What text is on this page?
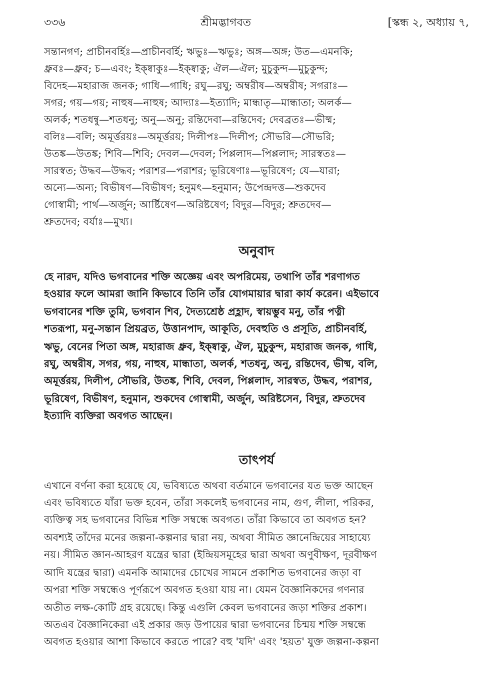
৩৩৬	শ্রীমদ্ভাগবত	[স্কন্ধ ২, অধ্যায় ৭,
সন্তানগণ; প্রাচীনবর্হিঃ—প্রাচীনবর্হি; ঋভুঃ—ঋভুঃ; অঙ্গ—অঙ্গ; উত—এমনকি;
ধ্রুবঃ—ধ্রুব; চ—এবং; ইক্ষ্বাকুঃ—ইক্ষ্বাকু; ঐল—ঐল; মুচুকুন্দ—মুচুকুন্দ;
বিদেহ—মহারাজ জনক; গাধি—গাধি; রঘু—রঘু; অম্বরীষ—অম্বরীষ; সগরাঃ—
সগর; গয়—গয়; নাহুষ—নাহুষ; আদ্যাঃ—ইত্যাদি; মান্ধাতৃ—মান্ধাতা; অলর্ক—
অলর্ক; শতধন্বু—শতধনু; অনু—অনু; রন্তিদেবা—রন্তিদেব; দেবব্রতঃ—ভীষ্ম;
বলিঃ—বলি; অমূর্ত্তরয়ঃ—অমূর্ত্তরয়; দিলীপঃ—দিলীপ; সৌভরি—সৌভরি;
উতঙ্ক—উতঙ্ক; শিবি—শিবি; দেবল—দেবল; পিপ্পলাদ—পিপ্পলাদ; সারস্বতঃ—
সারস্বত; উদ্ধব—উদ্ধব; পরাশর—পরাশর; ভূরিষেণাঃ—ভূরিষেণ; যে—যারা;
অন্যে—অন্য; বিভীষণ—বিভীষণ; হনুমৎ—হনুমান; উপেন্দ্রদত্ত—শুকদেব
গোস্বামী; পার্থ—অর্জুন; আর্ষ্টিষেণ—অরিষ্টষেণ; বিদুর—বিদুর; শ্রুতদেব—
শ্রুতদেব; বর্যাঃ—মুখ্য।
অনুবাদ
হে নারদ, যদিও ভগবানের শক্তি অজ্ঞেয় এবং অপরিমেয়, তথাপি তাঁর শরণাগত
হওয়ার ফলে আমরা জানি কিভাবে তিনি তাঁর যোগমায়ার দ্বারা কার্য করেন। এইভাবে
ভগবানের শক্তি তুমি, ভগবান শিব, দৈত্যশ্রেষ্ঠ প্রহ্লাদ, স্বায়ম্ভুব মনু, তাঁর পত্নী
শতরূপা, মনু-সন্তান প্রিয়ব্রত, উত্তানপাদ, আকূতি, দেবহুতি ও প্রসূতি, প্রাচীনবর্হি,
ঋভু, বেনের পিতা অঙ্গ, মহারাজ ধ্রুব, ইক্ষ্বাকু, ঐল, মুচুকুন্দ, মহারাজ জনক, গাধি,
রঘু, অম্বরীষ, সগর, গয়, নাহুষ, মান্ধাতা, অলর্ক, শতধনু, অনু, রন্তিদেব, ভীষ্ম, বলি,
অমূর্ত্তরয়, দিলীপ, সৌভরি, উতঙ্ক, শিবি, দেবল, পিপ্পলাদ, সারস্বত, উদ্ধব, পরাশর,
ভূরিষেণ, বিভীষণ, হনুমান, শুকদেব গোস্বামী, অর্জুন, অরিষ্টসেন, বিদুর, শ্রুতদেব
ইত্যাদি ব্যক্তিরা অবগত আছেন।
তাৎপর্য
এখানে বর্ণনা করা হয়েছে যে, ভবিষ্যতে অথবা বর্তমানে ভগবানের যত ভক্ত আছেন
এবং ভবিষ্যতে যাঁরা ভক্ত হবেন, তাঁরা সকলেই ভগবানের নাম, গুণ, লীলা, পরিকর,
ব্যক্তিত্ব সহ ভগবানের বিভিন্ন শক্তি সম্বন্ধে অবগত। তাঁরা কিভাবে তা অবগত হন?
অবশ্যই তাঁদের মনের জল্পনা-কল্পনার দ্বারা নয়, অথবা সীমিত জ্ঞানেন্দ্রিয়ের সাহায্যে
নয়। সীমিত জ্ঞান-আহরণ যন্ত্রের দ্বারা (ইন্দ্রিয়সমূহের দ্বারা অথবা অণুবীক্ষণ, দূরবীক্ষণ
আদি যন্ত্রের দ্বারা) এমনকি আমাদের চোখের সামনে প্রকাশিত ভগবানের জড়া বা
অপরা শক্তি সম্বন্ধেও পূর্ণরূপে অবগত হওয়া যায় না। যেমন বৈজ্ঞানিকদের গণনার
অতীত লক্ষ-কোটি গ্রহ রয়েছে। কিন্তু এগুলি কেবল ভগবানের জড়া শক্তির প্রকাশ।
অতএব বৈজ্ঞানিকেরা এই প্রকার জড় উপায়ের দ্বারা ভগবানের চিন্ময় শক্তি সম্বন্ধে
অবগত হওয়ার আশা কিভাবে করতে পারে? বহু 'যদি' এবং 'হয়ত' যুক্ত জল্পনা-কল্পনা
